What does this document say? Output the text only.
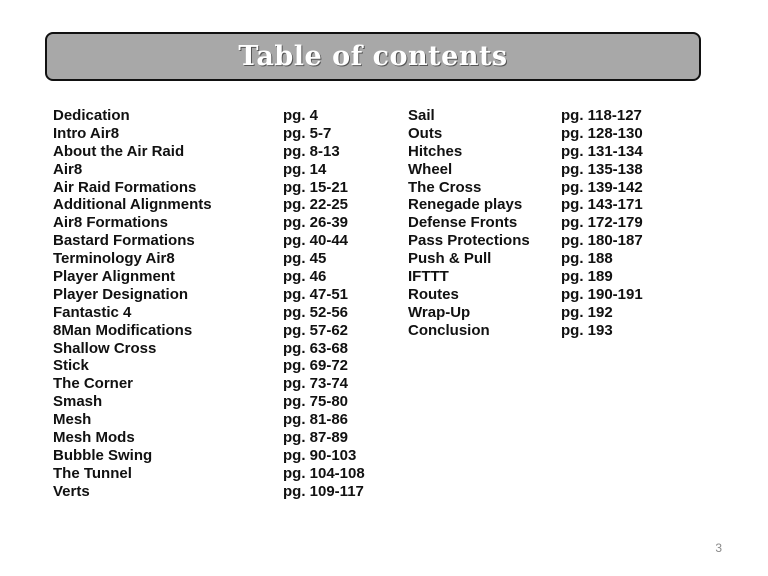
Table of contents
Dedication	pg. 4
Intro Air8	pg. 5-7
About the Air Raid	pg. 8-13
Air8	pg. 14
Air Raid Formations	pg. 15-21
Additional Alignments	pg. 22-25
Air8 Formations	pg. 26-39
Bastard Formations	pg. 40-44
Terminology Air8	pg. 45
Player Alignment	pg. 46
Player Designation	pg. 47-51
Fantastic 4	pg. 52-56
8Man Modifications	pg. 57-62
Shallow Cross	pg. 63-68
Stick	pg. 69-72
The Corner	pg. 73-74
Smash	pg. 75-80
Mesh	pg. 81-86
Mesh Mods	pg. 87-89
Bubble Swing	pg. 90-103
The Tunnel	pg. 104-108
Verts	pg. 109-117
Sail	pg. 118-127
Outs	pg. 128-130
Hitches	pg. 131-134
Wheel	pg. 135-138
The Cross	pg. 139-142
Renegade plays	pg. 143-171
Defense Fronts	pg. 172-179
Pass Protections pg. 180-187
Push & Pull	pg. 188
IFTTT	pg. 189
Routes	pg. 190-191
Wrap-Up	pg. 192
Conclusion	pg. 193
3
